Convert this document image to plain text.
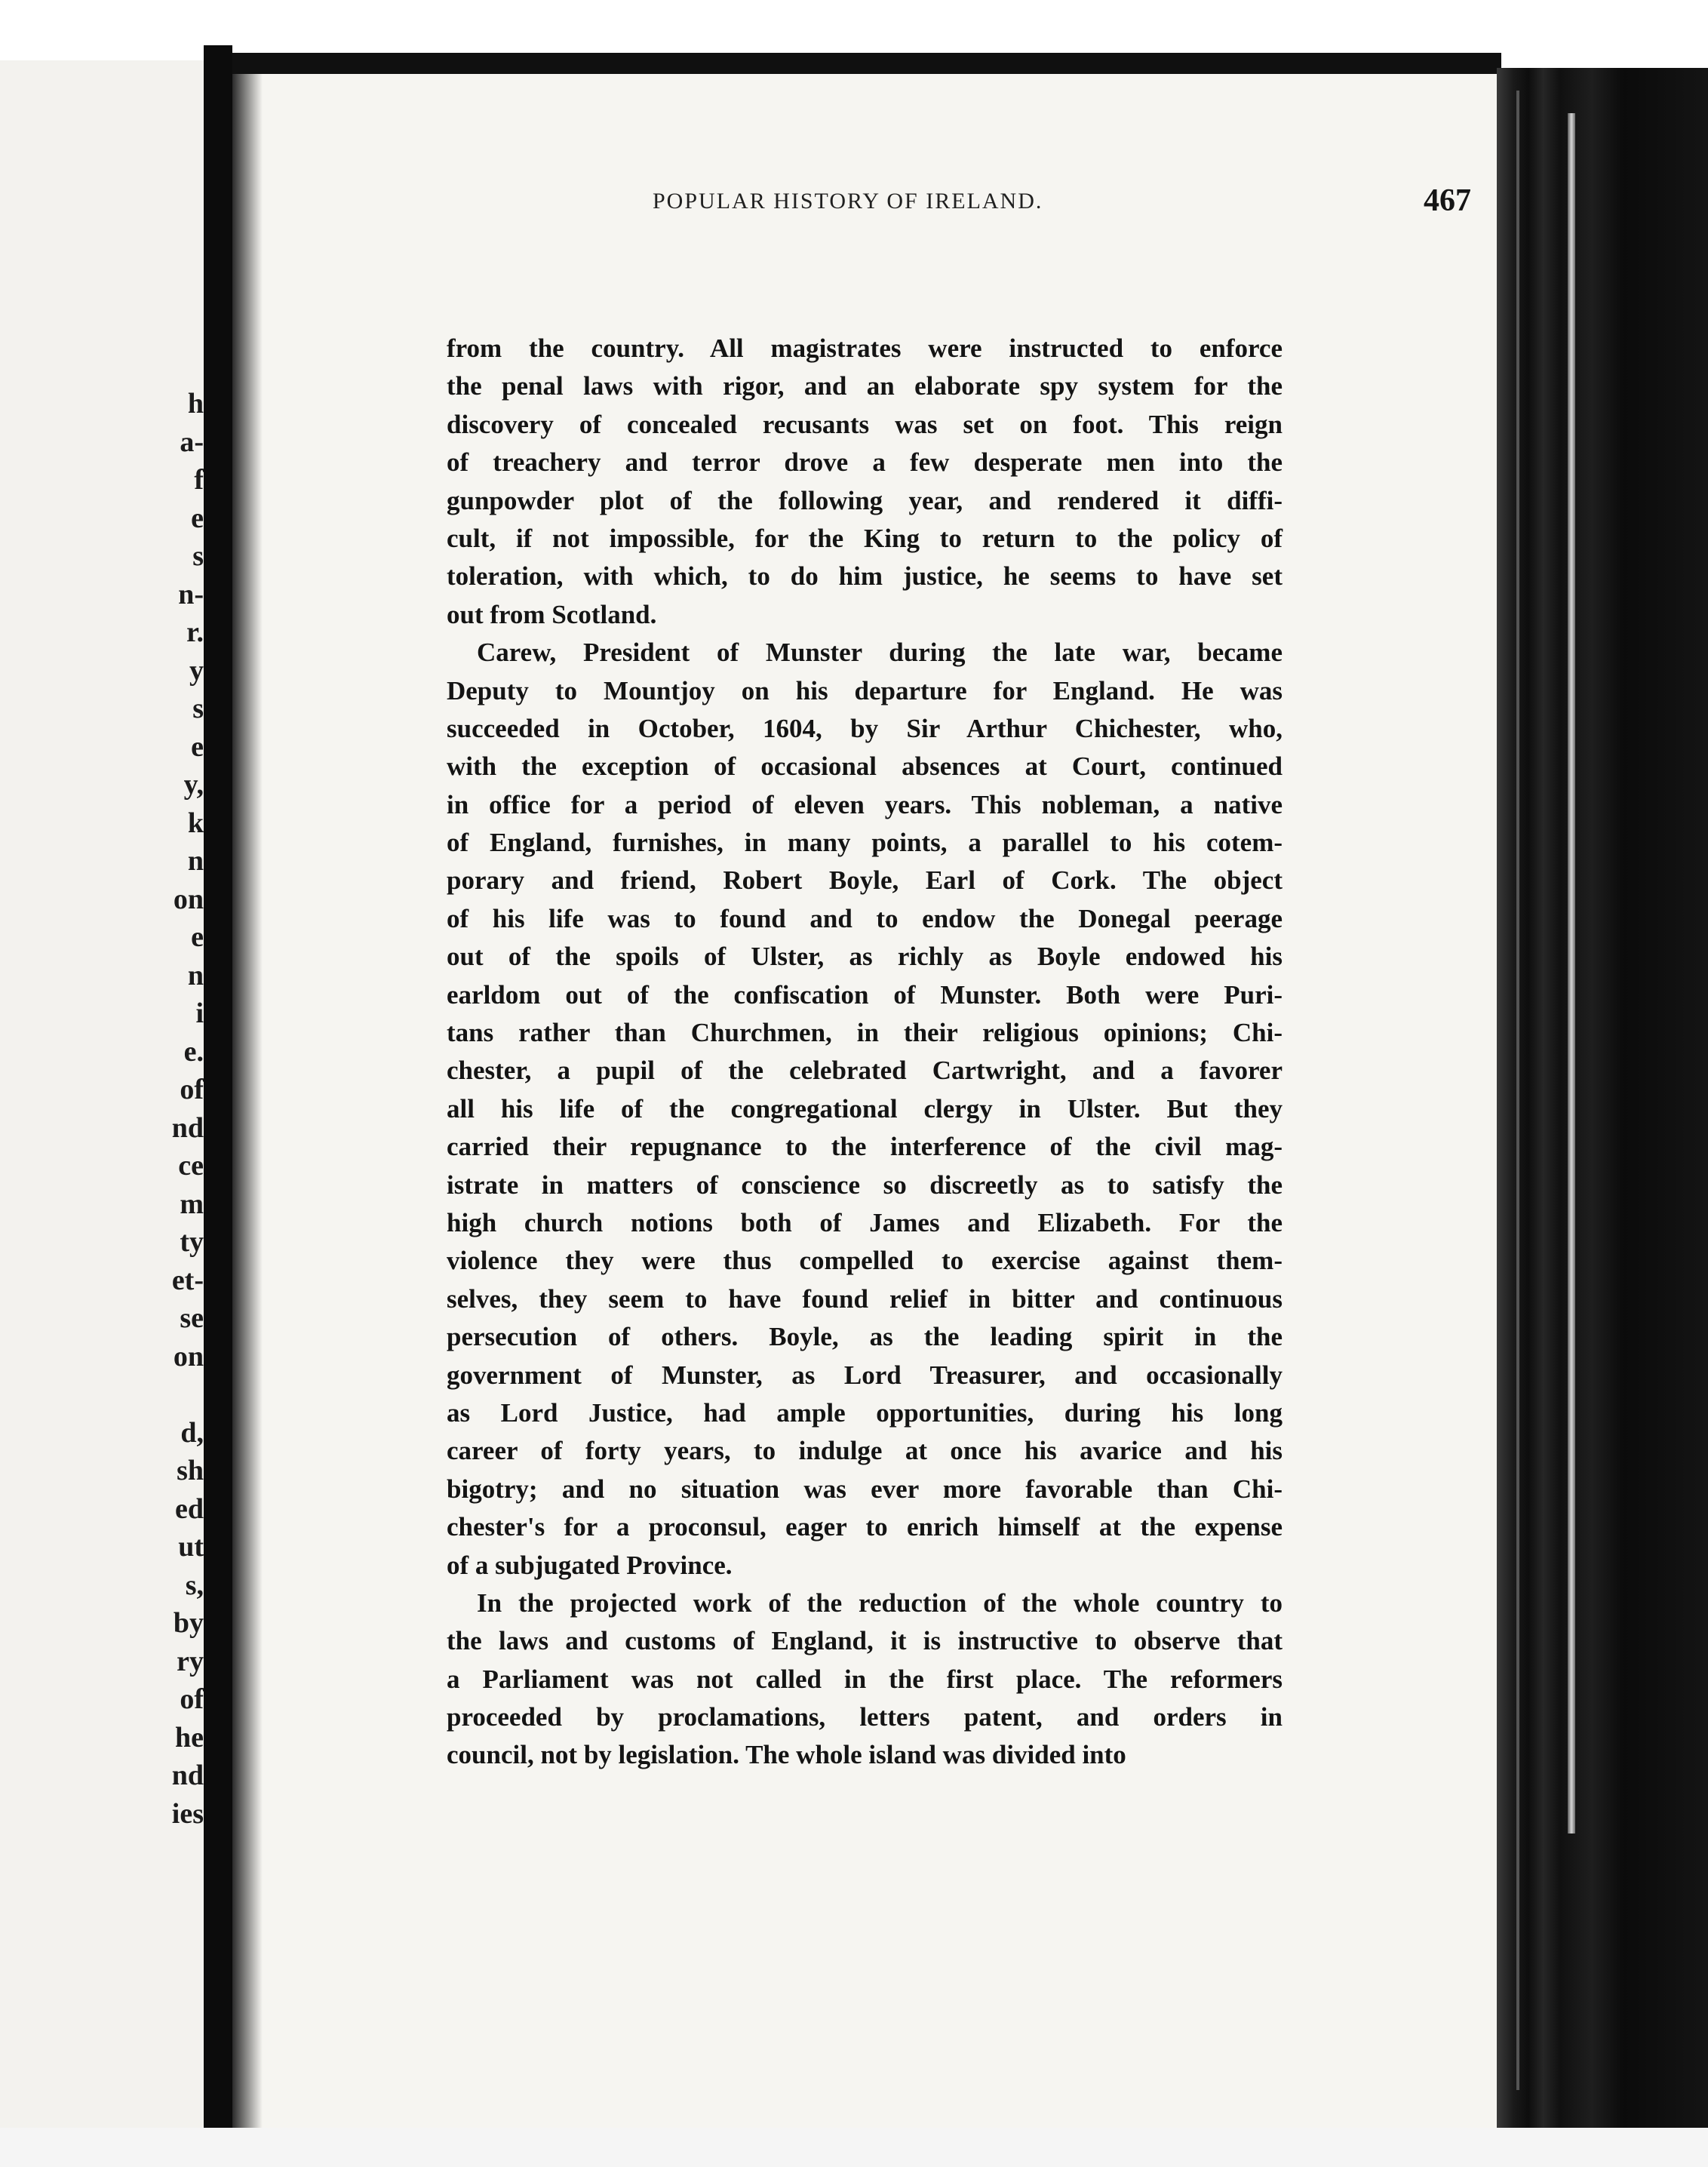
h
a-
f
e
s
n-
r.
y
s
e
y,
k
n
on
e
n
i
e.
of
nd
ce
m
ty
et-
se
on
d,
sh
ed
ut
s,
by
ry
of
he
nd
ies
POPULAR HISTORY OF IRELAND.	467
from the country. All magistrates were instructed to enforce
the penal laws with rigor, and an elaborate spy system for the
discovery of concealed recusants was set on foot. This reign
of treachery and terror drove a few desperate men into the
gunpowder plot of the following year, and rendered it diffi-
cult, if not impossible, for the King to return to the policy of
toleration, with which, to do him justice, he seems to have set
out from Scotland.
Carew, President of Munster during the late war, became
Deputy to Mountjoy on his departure for England. He was
succeeded in October, 1604, by Sir Arthur Chichester, who,
with the exception of occasional absences at Court, continued
in office for a period of eleven years. This nobleman, a native
of England, furnishes, in many points, a parallel to his cotem-
porary and friend, Robert Boyle, Earl of Cork. The object
of his life was to found and to endow the Donegal peerage
out of the spoils of Ulster, as richly as Boyle endowed his
earldom out of the confiscation of Munster. Both were Puri-
tans rather than Churchmen, in their religious opinions; Chi-
chester, a pupil of the celebrated Cartwright, and a favorer
all his life of the congregational clergy in Ulster. But they
carried their repugnance to the interference of the civil mag-
istrate in matters of conscience so discreetly as to satisfy the
high church notions both of James and Elizabeth. For the
violence they were thus compelled to exercise against them-
selves, they seem to have found relief in bitter and continuous
persecution of others. Boyle, as the leading spirit in the
government of Munster, as Lord Treasurer, and occasionally
as Lord Justice, had ample opportunities, during his long
career of forty years, to indulge at once his avarice and his
bigotry; and no situation was ever more favorable than Chi-
chester's for a proconsul, eager to enrich himself at the expense
of a subjugated Province.
In the projected work of the reduction of the whole country to
the laws and customs of England, it is instructive to observe that
a Parliament was not called in the first place. The reformers
proceeded by proclamations, letters patent, and orders in
council, not by legislation. The whole island was divided into
